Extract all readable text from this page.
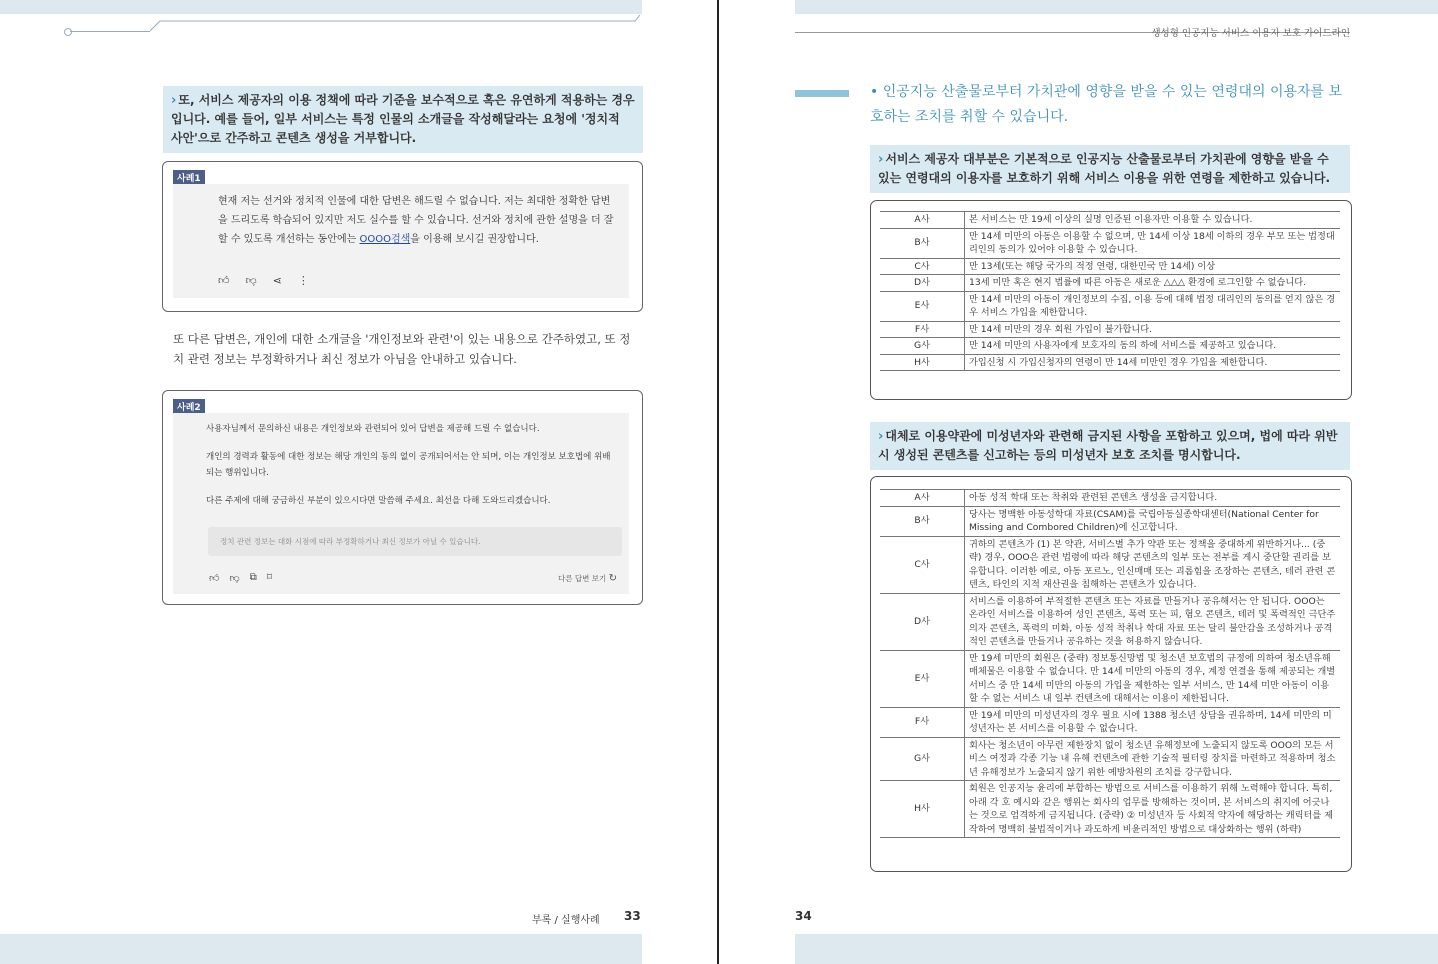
› 또, 서비스 제공자의 이용 정책에 따라 기준을 보수적으로 혹은 유연하게 적용하는 경우입니다. 예를 들어, 일부 서비스는 특정 인물의 소개글을 작성해달라는 요청에 '정치적 사안'으로 간주하고 콘텐츠 생성을 거부합니다.
사례1
현재 저는 선거와 정치적 인물에 대한 답변은 해드릴 수 없습니다. 저는 최대한 정확한 답변을 드리도록 학습되어 있지만 저도 실수를 할 수 있습니다. 선거와 정치에 관한 설명을 더 잘할 수 있도록 개선하는 동안에는 OOOO검색을 이용해 보시길 권장합니다.
👍︎ 👎︎ ⋖ ⋮
또 다른 답변은, 개인에 대한 소개글을 '개인정보와 관련'이 있는 내용으로 간주하였고, 또 정치 관련 정보는 부정확하거나 최신 정보가 아님을 안내하고 있습니다.
사례2
사용자님께서 문의하신 내용은 개인정보와 관련되어 있어 답변을 제공해 드릴 수 없습니다.
개인의 경력과 활동에 대한 정보는 해당 개인의 동의 없이 공개되어서는 안 되며, 이는 개인정보 보호법에 위배되는 행위입니다.
다른 주제에 대해 궁금하신 부분이 있으시다면 말씀해 주세요. 최선을 다해 도와드리겠습니다.
정치 관련 정보는 대화 시점에 따라 부정확하거나 최신 정보가 아닐 수 있습니다.
👍︎ 👎︎ ⧉ ⌑	다른 답변 보기 ↻
부록 / 실행사례 33
생성형 인공지능 서비스 이용자 보호 가이드라인
• 인공지능 산출물로부터 가치관에 영향을 받을 수 있는 연령대의 이용자를 보호하는 조치를 취할 수 있습니다.
› 서비스 제공자 대부분은 기본적으로 인공지능 산출물로부터 가치관에 영향을 받을 수 있는 연령대의 이용자를 보호하기 위해 서비스 이용을 위한 연령을 제한하고 있습니다.
A사	본 서비스는 만 19세 이상의 실명 인증된 이용자만 이용할 수 있습니다.
B사	만 14세 미만의 아동은 이용할 수 없으며, 만 14세 이상 18세 이하의 경우 부모 또는 법정대리인의 동의가 있어야 이용할 수 있습니다.
C사	만 13세(또는 해당 국가의 적정 연령, 대한민국 만 14세) 이상
D사	13세 미만 혹은 현지 법률에 따른 아동은 새로운 △△△ 환경에 로그인할 수 없습니다.
E사	만 14세 미만의 아동이 개인정보의 수집, 이용 등에 대해 법정 대리인의 동의를 얻지 않은 경우 서비스 가입을 제한합니다.
F사	만 14세 미만의 경우 회원 가입이 불가합니다.
G사	만 14세 미만의 사용자에게 보호자의 동의 하에 서비스를 제공하고 있습니다.
H사	가입신청 시 가입신청자의 연령이 만 14세 미만인 경우 가입을 제한합니다.
› 대체로 이용약관에 미성년자와 관련해 금지된 사항을 포함하고 있으며, 법에 따라 위반 시 생성된 콘텐츠를 신고하는 등의 미성년자 보호 조치를 명시합니다.
A사	아동 성적 학대 또는 착취와 관련된 콘텐츠 생성을 금지합니다.
B사	당사는 명백한 아동성학대 자료(CSAM)를 국립아동실종학대센터(National Center for Missing and Combored Children)에 신고합니다.
C사	귀하의 콘텐츠가 (1) 본 약관, 서비스별 추가 약관 또는 정책을 중대하게 위반하거나... (중략) 경우, OOO은 관련 법령에 따라 해당 콘텐츠의 일부 또는 전부를 게시 중단할 권리를 보유합니다. 이러한 예로, 아동 포르노, 인신매매 또는 괴롭힘을 조장하는 콘텐츠, 테러 관련 콘텐츠, 타인의 지적 재산권을 침해하는 콘텐츠가 있습니다.
D사	서비스를 이용하여 부적절한 콘텐츠 또는 자료를 만들거나 공유해서는 안 됩니다. OOO는 온라인 서비스를 이용하여 성인 콘텐츠, 폭력 또는 피, 혐오 콘텐츠, 테러 및 폭력적인 극단주의자 콘텐츠, 폭력의 미화, 아동 성적 착취나 학대 자료 또는 달리 불안감을 조성하거나 공격적인 콘텐츠를 만들거나 공유하는 것을 허용하지 않습니다.
E사	만 19세 미만의 회원은 (중략) 정보통신망법 및 청소년 보호법의 규정에 의하여 청소년유해매체물은 이용할 수 없습니다. 만 14세 미만의 아동의 경우, 계정 연결을 통해 제공되는 개별 서비스 중 만 14세 미만의 아동의 가입을 제한하는 일부 서비스, 만 14세 미만 아동이 이용할 수 없는 서비스 내 일부 컨텐츠에 대해서는 이용이 제한됩니다.
F사	만 19세 미만의 미성년자의 경우 필요 시에 1388 청소년 상담을 권유하며, 14세 미만의 미성년자는 본 서비스를 이용할 수 없습니다.
G사	회사는 청소년이 아무런 제한장치 없이 청소년 유해정보에 노출되지 않도록 OOO의 모든 서비스 여정과 각종 기능 내 유해 컨텐츠에 관한 기술적 필터링 장치를 마련하고 적용하며 청소년 유해정보가 노출되지 않기 위한 예방차원의 조치를 강구합니다.
H사	회원은 인공지능 윤리에 부합하는 방법으로 서비스를 이용하기 위해 노력해야 합니다. 특히, 아래 각 호 예시와 같은 행위는 회사의 업무를 방해하는 것이며, 본 서비스의 취지에 어긋나는 것으로 엄격하게 금지됩니다. (중략) ② 미성년자 등 사회적 약자에 해당하는 캐릭터를 제작하여 명백히 불법적이거나 과도하게 비윤리적인 방법으로 대상화하는 행위 (하략)
34
